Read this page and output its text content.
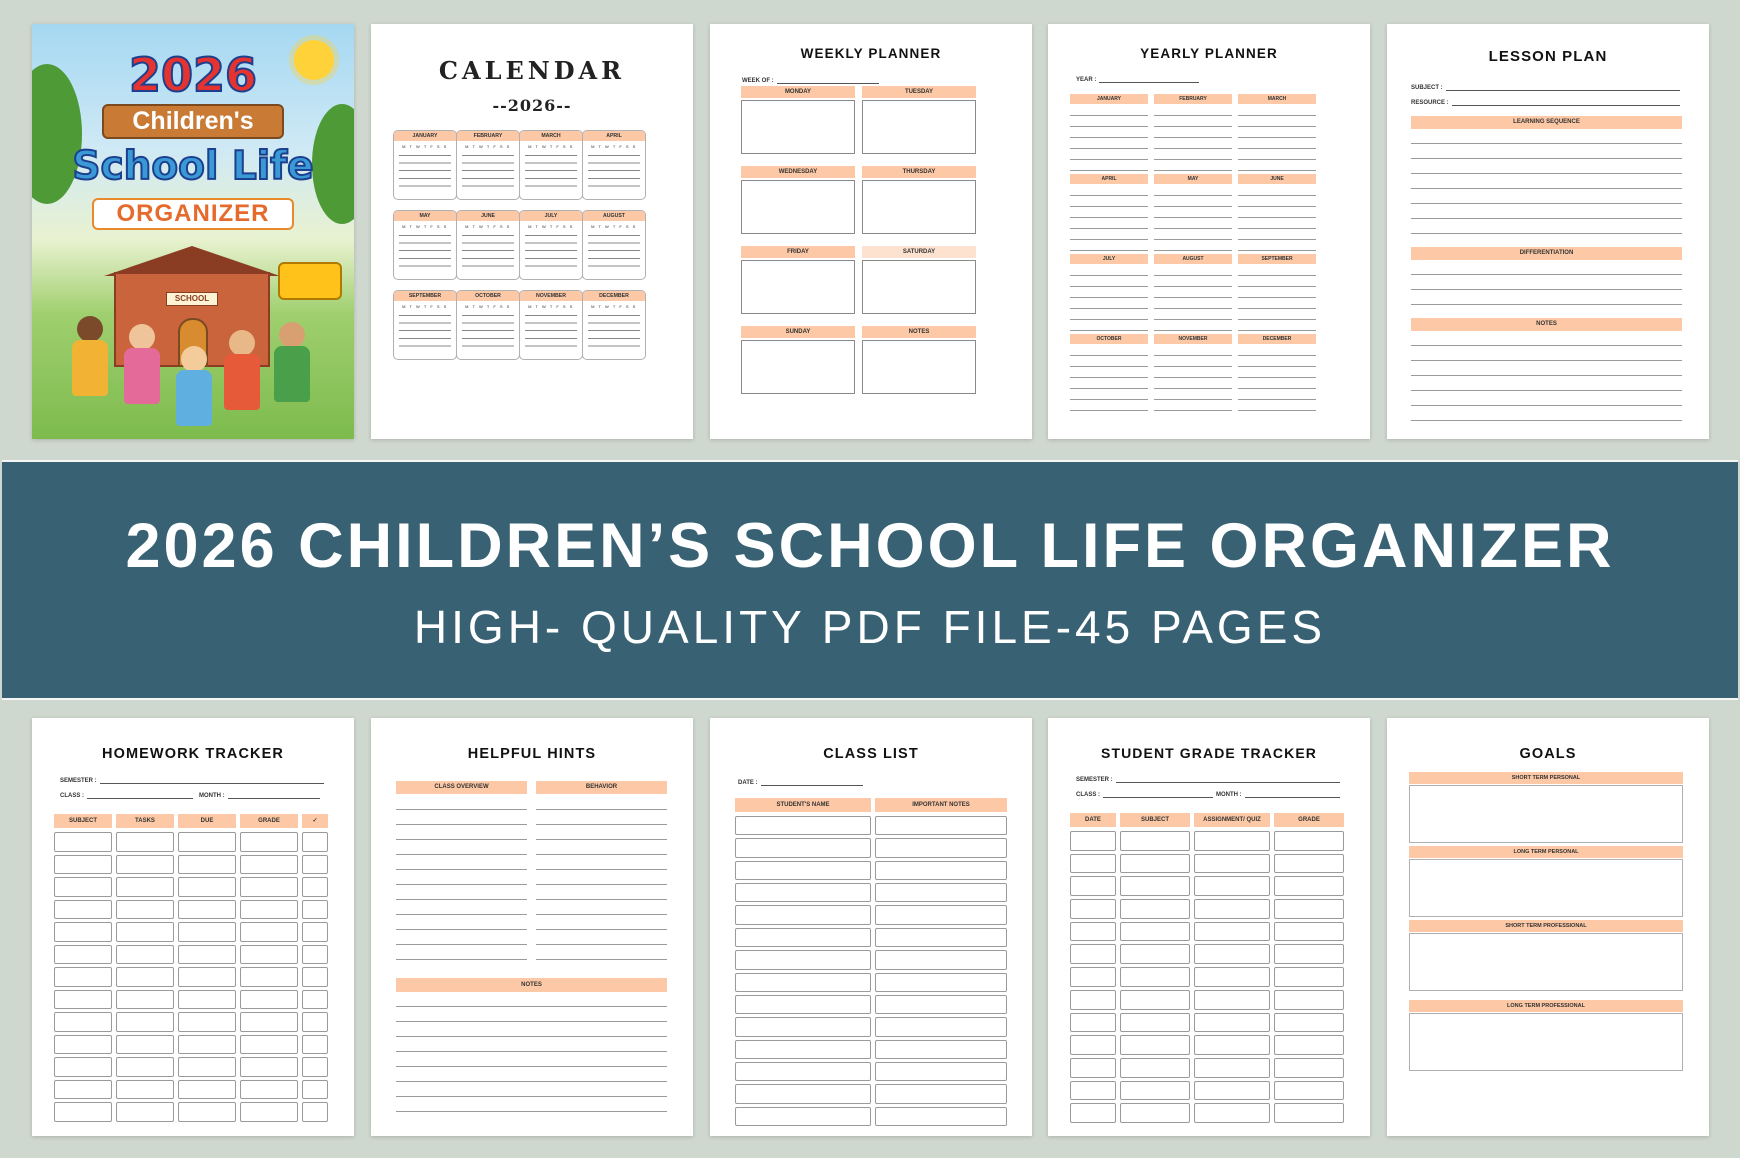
2026
Children's
School Life
ORGANIZER
SCHOOL
CALENDAR
--2026--
JANUARY
M T W T F S S
FEBRUARY
M T W T F S S
MARCH
M T W T F S S
APRIL
M T W T F S S
MAY
M T W T F S S
JUNE
M T W T F S S
JULY
M T W T F S S
AUGUST
M T W T F S S
SEPTEMBER
M T W T F S S
OCTOBER
M T W T F S S
NOVEMBER
M T W T F S S
DECEMBER
M T W T F S S
WEEKLY PLANNER
WEEK OF :
MONDAY	TUESDAY
WEDNESDAY	THURSDAY
FRIDAY	SATURDAY
SUNDAY	NOTES
YEARLY PLANNER
YEAR :
JANUARY	FEBRUARY	MARCH
APRIL	MAY	JUNE
JULY	AUGUST	SEPTEMBER
OCTOBER	NOVEMBER	DECEMBER
LESSON PLAN
SUBJECT :
RESOURCE :
LEARNING SEQUENCE
DIFFERENTIATION
NOTES
2026 CHILDREN’S SCHOOL LIFE ORGANIZER
HIGH- QUALITY PDF FILE-45 PAGES
HOMEWORK TRACKER
SEMESTER :
CLASS :	MONTH :
SUBJECT	TASKS	DUE	GRADE	✓
HELPFUL HINTS
CLASS OVERVIEW	BEHAVIOR
NOTES
CLASS LIST
DATE :
STUDENT'S NAME	IMPORTANT NOTES
STUDENT GRADE TRACKER
SEMESTER :
CLASS :	MONTH :
DATE	SUBJECT	ASSIGNMENT/ QUIZ	GRADE
GOALS
SHORT TERM PERSONAL
LONG TERM PERSONAL
SHORT TERM PROFESSIONAL
LONG TERM PROFESSIONAL
